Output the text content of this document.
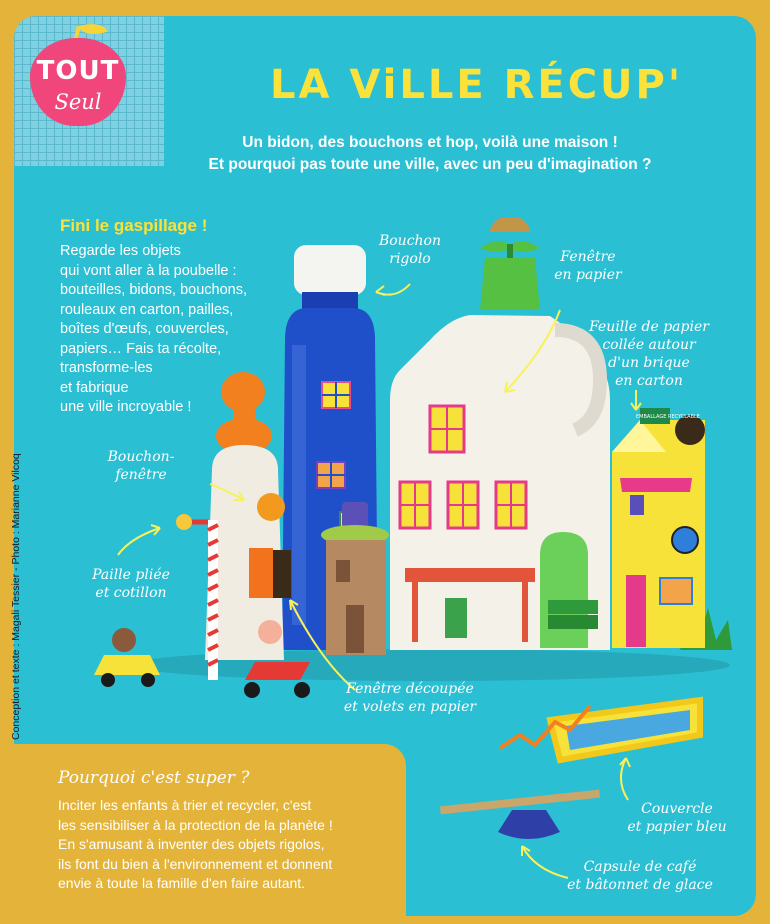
TOUT
Seul	LA ViLLE RÉCUP'
Un bidon, des bouchons et hop, voilà une maison !
Et pourquoi pas toute une ville, avec un peu d'imagination ?
Fini le gaspillage !
Regarde les objets
qui vont aller à la poubelle :
bouteilles, bidons, bouchons,
rouleaux en carton, pailles,
boîtes d'œufs, couvercles,
papiers… Fais ta récolte,
transforme-les
et fabrique
une ville incroyable !
Conception et texte : Magali Tessier - Photo : Marianne Vilcoq
EMBALLAGE RECYCLABLE
Bouchon
rigolo	Fenêtre
en papier
Feuille de papier
collée autour
d'un brique
en carton
Bouchon-
fenêtre
Paille pliée
et cotillon
Fenêtre découpée
et volets en papier
Couvercle
et papier bleu
Capsule de café
et bâtonnet de glace
Pourquoi c'est super ?
Inciter les enfants à trier et recycler, c'est
les sensibiliser à la protection de la planète !
En s'amusant à inventer des objets rigolos,
ils font du bien à l'environnement et donnent
envie à toute la famille d'en faire autant.
